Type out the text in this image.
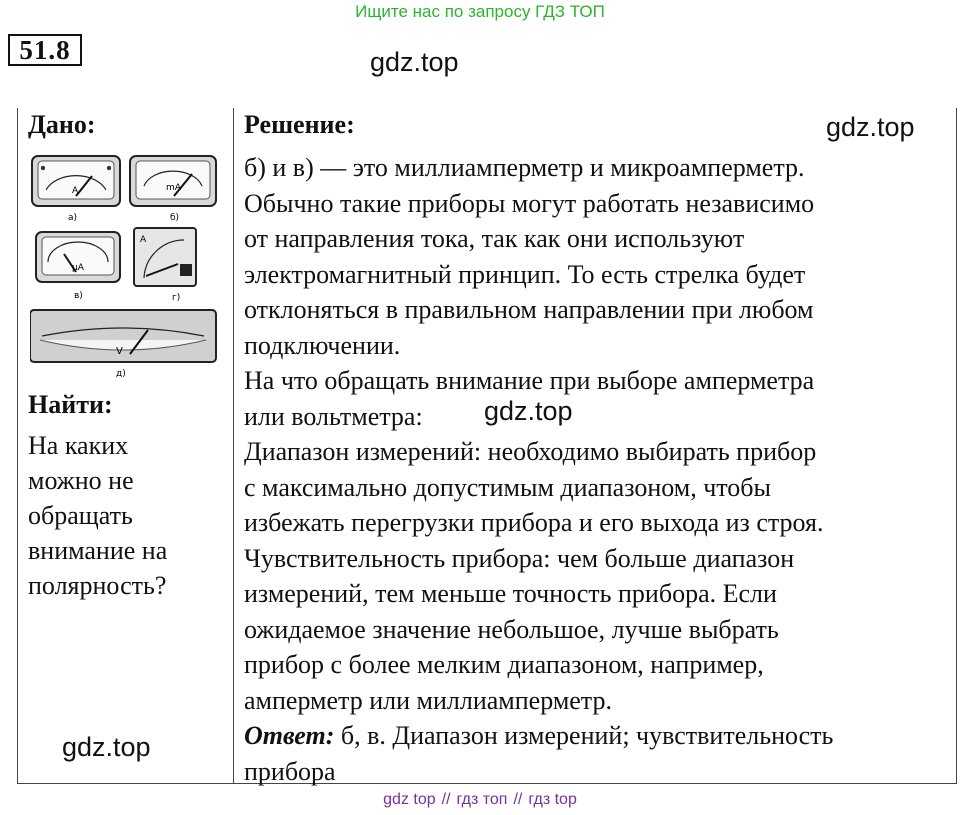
Ищите нас по запросу ГДЗ ТОП
51.8	gdz.top
gdz.top
gdz.top
gdz.top
Дано:
A
а)
mA
б)
µA
в)
A
г)
V
д)
Найти:
На каких
можно не
обращать
внимание на
полярность?
Решение:

б) и в) — это миллиамперметр и микроамперметр.

Обычно такие приборы могут работать независимо

от направления тока, так как они используют

электромагнитный принцип. То есть стрелка будет

отклоняться в правильном направлении при любом

подключении.

На что обращать внимание при выборе амперметра

или вольтметра:

Диапазон измерений: необходимо выбирать прибор

с максимально допустимым диапазоном, чтобы

избежать перегрузки прибора и его выхода из строя.

Чувствительность прибора: чем больше диапазон

измерений, тем меньше точность прибора. Если

ожидаемое значение небольшое, лучше выбрать

прибор с более мелким диапазоном, например,

амперметр или миллиамперметр.

Ответ: б, в. Диапазон измерений; чувствительность

прибора

gdz top // гдз топ // гдз top
